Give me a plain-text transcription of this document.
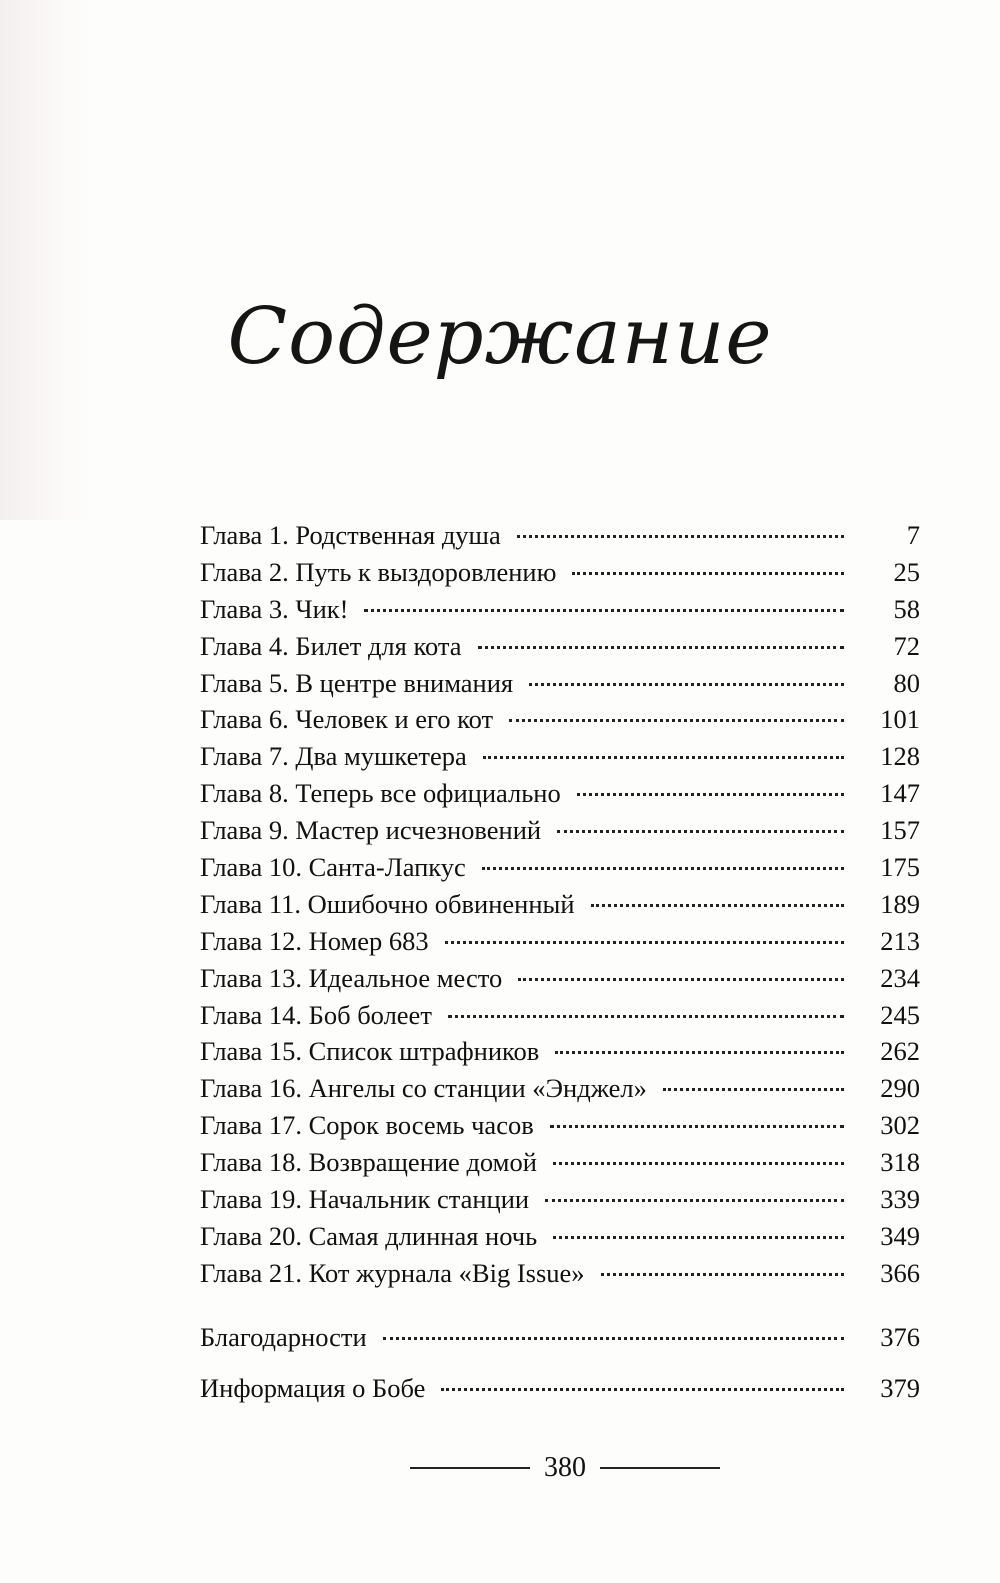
Содержание
Глава 1. Родственная душа	7
Глава 2. Путь к выздоровлению	25
Глава 3. Чик!	58
Глава 4. Билет для кота	72
Глава 5. В центре внимания	80
Глава 6. Человек и его кот	101
Глава 7. Два мушкетера	128
Глава 8. Теперь все официально	147
Глава 9. Мастер исчезновений	157
Глава 10. Санта-Лапкус	175
Глава 11. Ошибочно обвиненный	189
Глава 12. Номер 683	213
Глава 13. Идеальное место	234
Глава 14. Боб болеет	245
Глава 15. Список штрафников	262
Глава 16. Ангелы со станции «Энджел»	290
Глава 17. Сорок восемь часов	302
Глава 18. Возвращение домой	318
Глава 19. Начальник станции	339
Глава 20. Самая длинная ночь	349
Глава 21. Кот журнала «Big Issue»	366
Благодарности	376
Информация о Бобе	379
380
